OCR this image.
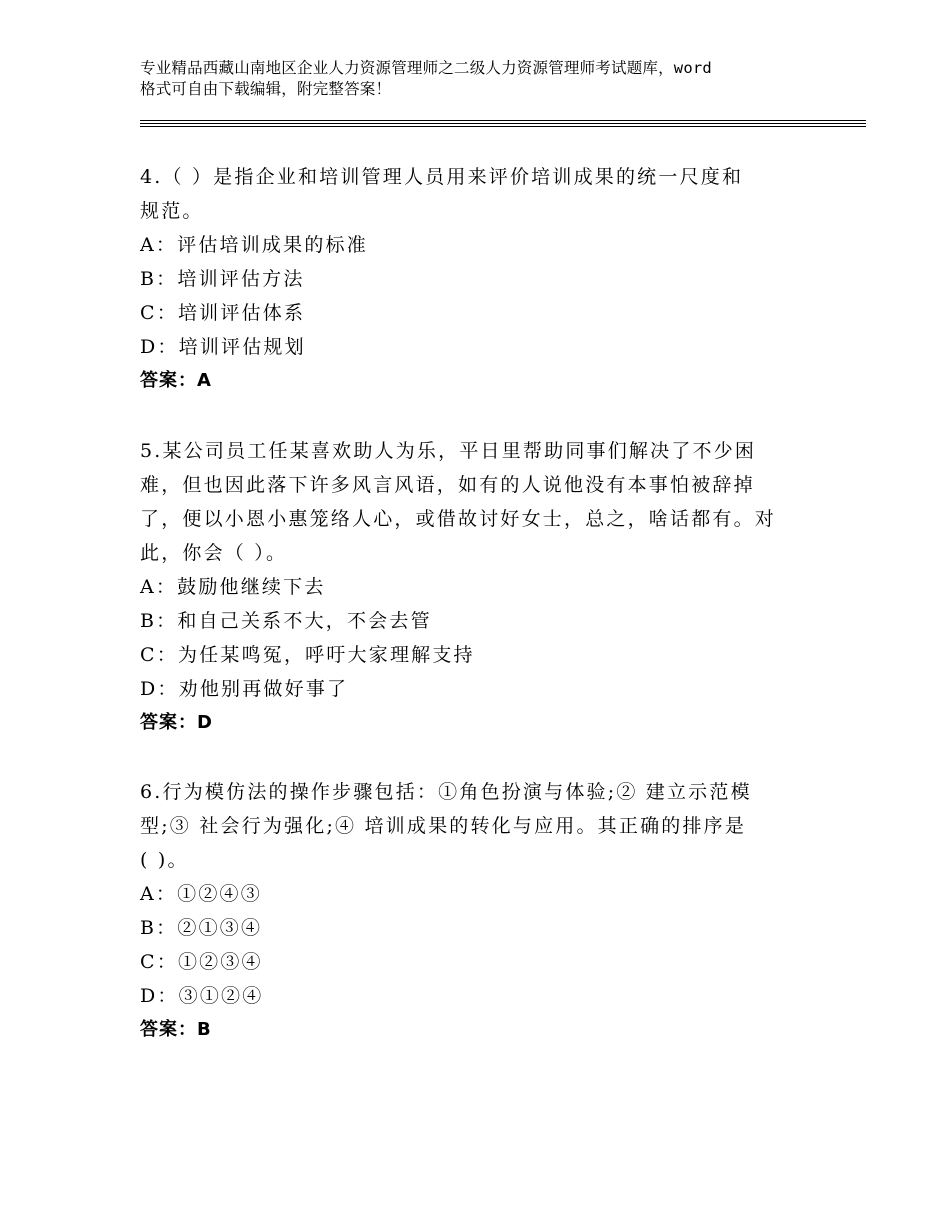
专业精品西藏山南地区企业人力资源管理师之二级人力资源管理师考试题库，word
格式可自由下载编辑，附完整答案！

4.（ ）是指企业和培训管理人员用来评价培训成果的统一尺度和

规范。

A：评估培训成果的标准

B：培训评估方法

C：培训评估体系

D：培训评估规划

答案：A

5.某公司员工任某喜欢助人为乐，平日里帮助同事们解决了不少困

难，但也因此落下许多风言风语，如有的人说他没有本事怕被辞掉

了，便以小恩小惠笼络人心，或借故讨好女士，总之，啥话都有。对

此，你会（ ）。

A：鼓励他继续下去

B：和自己关系不大，不会去管

C：为任某鸣冤，呼吁大家理解支持

D：劝他别再做好事了

答案：D

6.行为模仿法的操作步骤包括：①角色扮演与体验;② 建立示范模

型;③ 社会行为强化;④ 培训成果的转化与应用。其正确的排序是

( )。

A：①②④③

B：②①③④

C：①②③④

D：③①②④

答案：B
